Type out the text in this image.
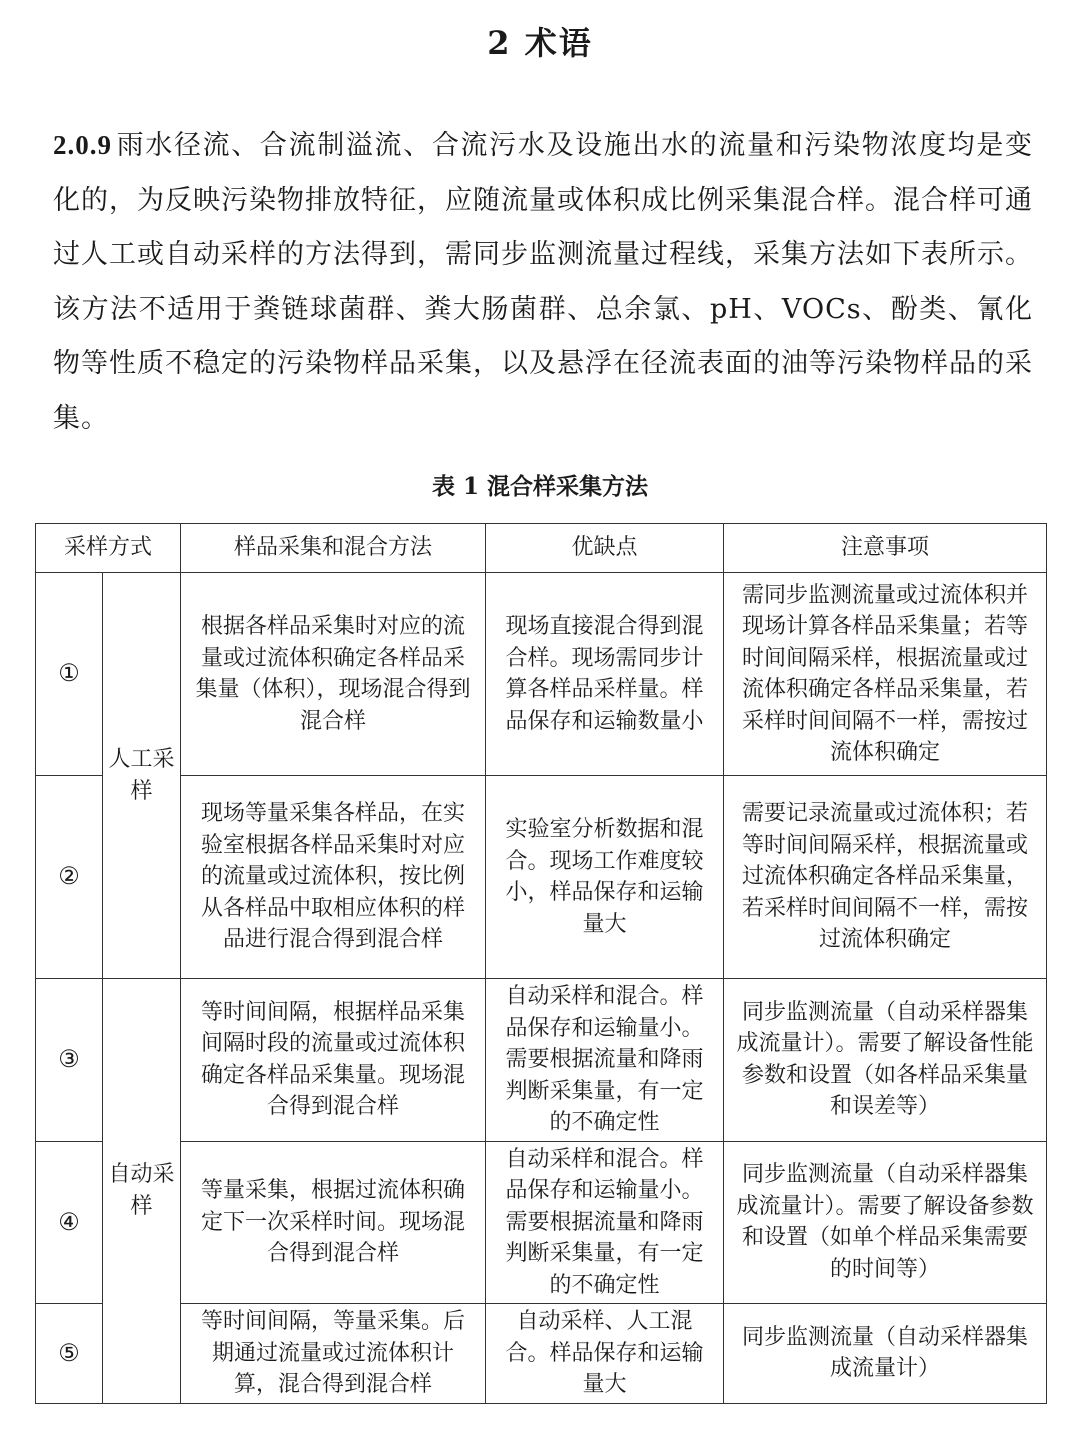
2 术语

2.0.9 雨水径流、合流制溢流、合流污水及设施出水的流量和污染物浓度均是变化的，为反映污染物排放特征，应随流量或体积成比例采集混合样。混合样可通过人工或自动采样的方法得到，需同步监测流量过程线，采集方法如下表所示。该方法不适用于粪链球菌群、粪大肠菌群、总余氯、pH、VOCs、酚类、氰化物等性质不稳定的污染物样品采集，以及悬浮在径流表面的油等污染物样品的采集。

表 1 混合样采集方法
采样方式		样品采集和混合方法	优缺点	注意事项
①	人工采样	根据各样品采集时对应的流量或过流体积确定各样品采集量（体积），现场混合得到混合样	现场直接混合得到混合样。现场需同步计算各样品采样量。样品保存和运输数量小	需同步监测流量或过流体积并现场计算各样品采集量；若等时间间隔采样，根据流量或过流体积确定各样品采集量，若采样时间间隔不一样，需按过流体积确定
②		现场等量采集各样品，在实验室根据各样品采集时对应的流量或过流体积，按比例从各样品中取相应体积的样品进行混合得到混合样	实验室分析数据和混合。现场工作难度较小，样品保存和运输量大	需要记录流量或过流体积；若等时间间隔采样，根据流量或过流体积确定各样品采集量，若采样时间间隔不一样，需按过流体积确定
③	自动采样	等时间间隔，根据样品采集间隔时段的流量或过流体积确定各样品采集量。现场混合得到混合样	自动采样和混合。样品保存和运输量小。需要根据流量和降雨判断采集量，有一定的不确定性	同步监测流量（自动采样器集成流量计）。需要了解设备性能参数和设置（如各样品采集量和误差等）
④		等量采集，根据过流体积确定下一次采样时间。现场混合得到混合样	自动采样和混合。样品保存和运输量小。需要根据流量和降雨判断采集量，有一定的不确定性	同步监测流量（自动采样器集成流量计）。需要了解设备参数和设置（如单个样品采集需要的时间等）
⑤		等时间间隔，等量采集。后期通过流量或过流体积计算，混合得到混合样	自动采样、人工混合。样品保存和运输量大	同步监测流量（自动采样器集成流量计）
